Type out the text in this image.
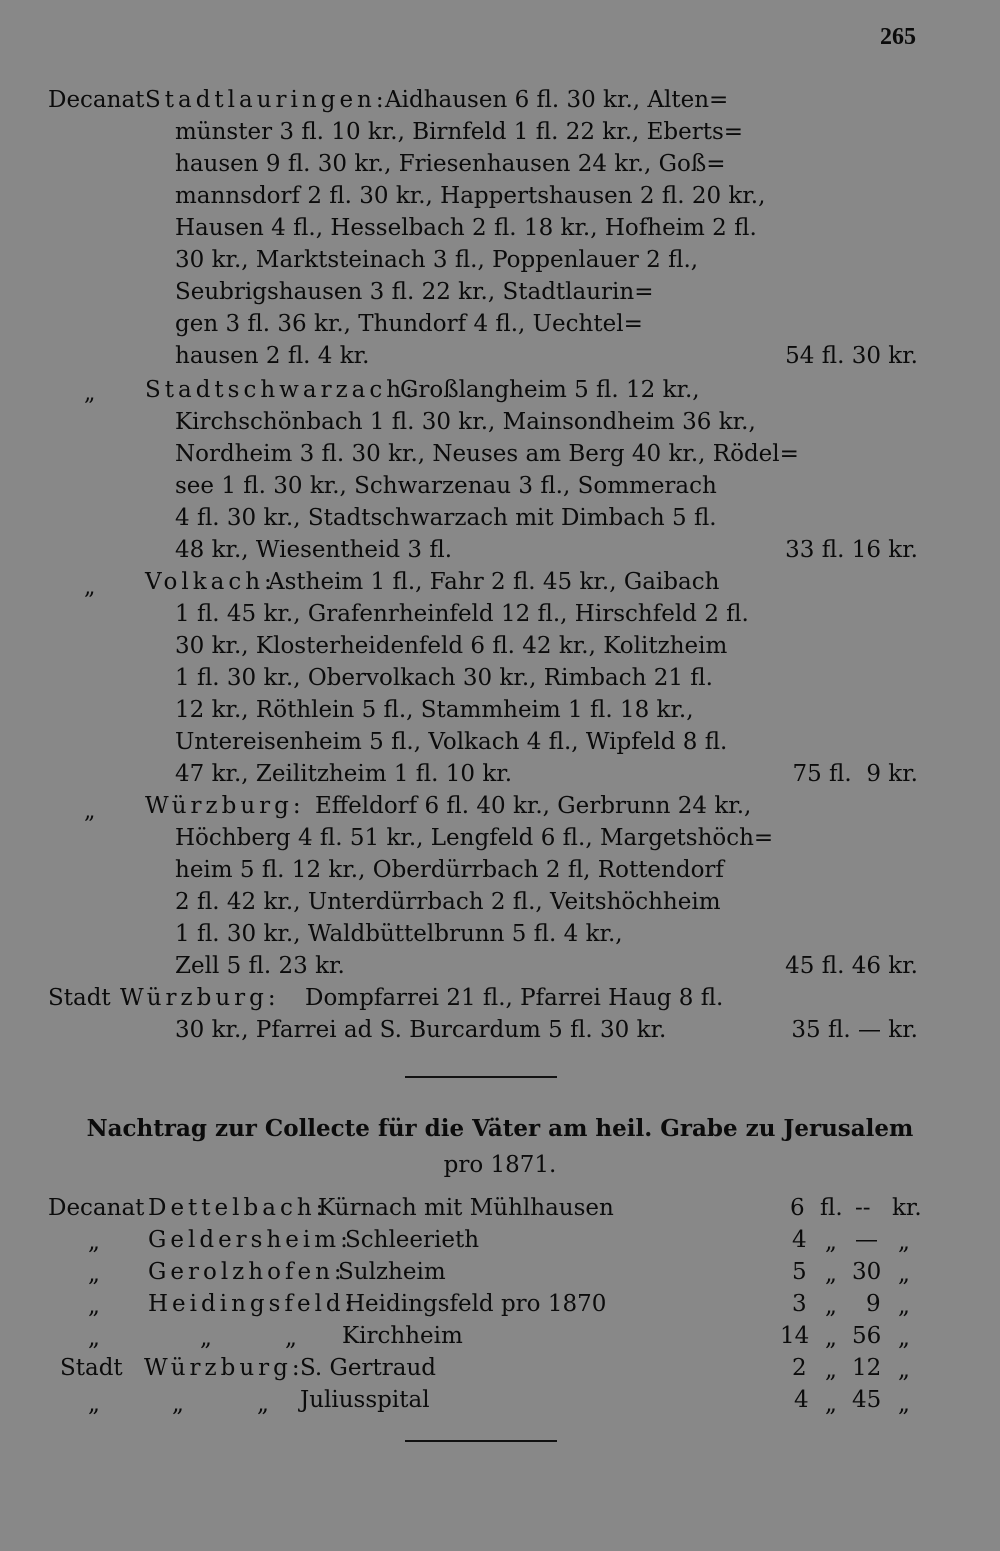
265
Decanat Stadtlauringen:
Aidhausen 6 fl. 30 kr., Alten=
münster 3 fl. 10 kr., Birnfeld 1 fl. 22 kr., Eberts=
hausen 9 fl. 30 kr., Friesenhausen 24 kr., Goß=
mannsdorf 2 fl. 30 kr., Happertshausen 2 fl. 20 kr.,
Hausen 4 fl., Hesselbach 2 fl. 18 kr., Hofheim 2 fl.
30 kr., Marktsteinach 3 fl., Poppenlauer 2 fl.,
Seubrigshausen 3 fl. 22 kr., Stadtlaurin=
gen 3 fl. 36 kr., Thundorf 4 fl., Uechtel=
hausen 2 fl. 4 kr.	54 fl. 30 kr.
„ Stadtschwarzach:
Großlangheim 5 fl. 12 kr.,
Kirchschönbach 1 fl. 30 kr., Mainsondheim 36 kr.,
Nordheim 3 fl. 30 kr., Neuses am Berg 40 kr., Rödel=
see 1 fl. 30 kr., Schwarzenau 3 fl., Sommerach
4 fl. 30 kr., Stadtschwarzach mit Dimbach 5 fl.
48 kr., Wiesentheid 3 fl.	33 fl. 16 kr.
„ Volkach:
Astheim 1 fl., Fahr 2 fl. 45 kr., Gaibach
1 fl. 45 kr., Grafenrheinfeld 12 fl., Hirschfeld 2 fl.
30 kr., Klosterheidenfeld 6 fl. 42 kr., Kolitzheim
1 fl. 30 kr., Obervolkach 30 kr., Rimbach 21 fl.
12 kr., Röthlein 5 fl., Stammheim 1 fl. 18 kr.,
Untereisenheim 5 fl., Volkach 4 fl., Wipfeld 8 fl.
47 kr., Zeilitzheim 1 fl. 10 kr.	75 fl.  9 kr.
„ Würzburg: Effeldorf 6 fl. 40 kr., Gerbrunn 24 kr.,
Höchberg 4 fl. 51 kr., Lengfeld 6 fl., Margetshöch=
heim 5 fl. 12 kr., Oberdürrbach 2 fl, Rottendorf
2 fl. 42 kr., Unterdürrbach 2 fl., Veitshöchheim
1 fl. 30 kr., Waldbüttelbrunn 5 fl. 4 kr.,
Zell 5 fl. 23 kr.	45 fl. 46 kr.
Stadt Würzburg: Dompfarrei 21 fl., Pfarrei Haug 8 fl.
30 kr., Pfarrei ad S. Burcardum 5 fl. 30 kr.	35 fl. — kr.
Nachtrag zur Collecte für die Väter am heil. Grabe zu Jerusalem
pro 1871.
Decanat Dettelbach:
Kürnach mit Mühlhausen	6 fl. -- kr.
„ Geldersheim:
Schleerieth	4 „ — „
„ Gerolzhofen:
Sulzheim	5 „ 30 „
„ Heidingsfeld:
Heidingsfeld pro 1870	3 „ 9 „
„	„          „ Kirchheim	14 „ 56 „
Stadt Würzburg:
S. Gertraud	2 „ 12 „
„	„          „ Juliusspital	4 „ 45 „
